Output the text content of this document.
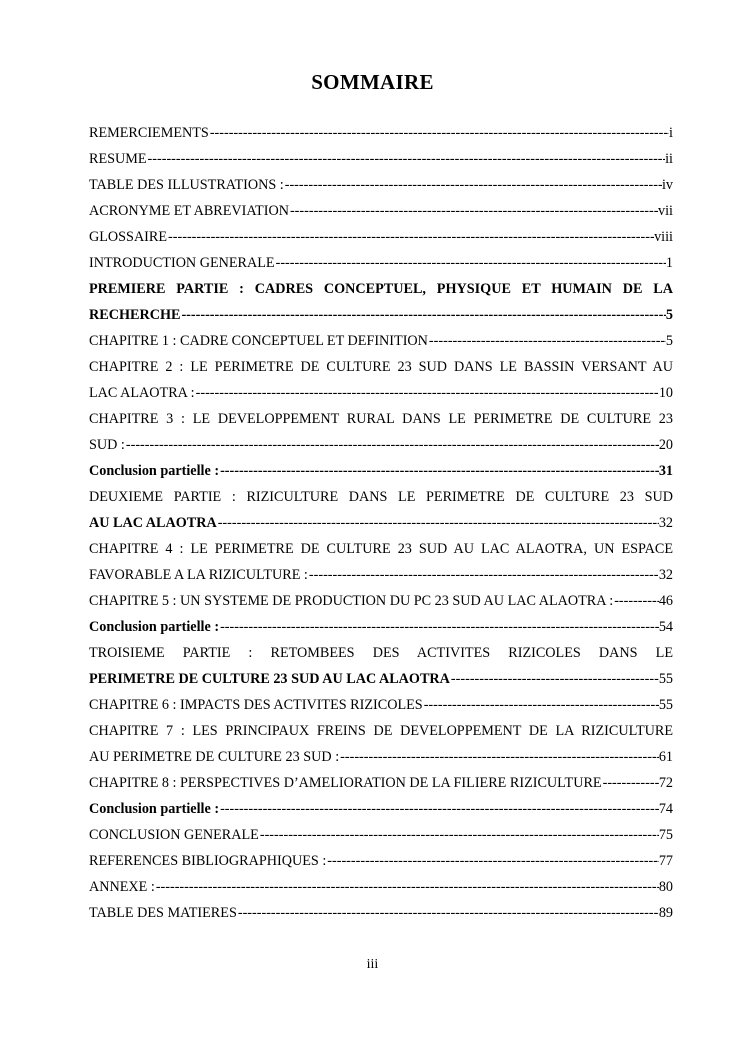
SOMMAIRE
REMERCIEMENTS -----	i
RESUME -----	ii
TABLE DES ILLUSTRATIONS : -----	iv
ACRONYME ET ABREVIATION -----	vii
GLOSSAIRE -----	viii
INTRODUCTION GENERALE -----	1
PREMIERE PARTIE : CADRES CONCEPTUEL, PHYSIQUE ET HUMAIN DE LA
RECHERCHE -----	5
CHAPITRE 1 : CADRE CONCEPTUEL ET DEFINITION -----	5
CHAPITRE 2 : LE PERIMETRE DE CULTURE 23 SUD DANS LE BASSIN VERSANT AU
LAC ALAOTRA : -----	10
CHAPITRE 3 : LE DEVELOPPEMENT RURAL DANS LE PERIMETRE DE CULTURE 23
SUD : -----	20
Conclusion partielle : -----	31
DEUXIEME PARTIE : RIZICULTURE DANS LE PERIMETRE DE CULTURE 23 SUD
AU LAC ALAOTRA -----	32
CHAPITRE 4 : LE PERIMETRE DE CULTURE 23 SUD AU LAC ALAOTRA, UN ESPACE
FAVORABLE A LA RIZICULTURE : -----	32
CHAPITRE 5 : UN SYSTEME DE PRODUCTION DU PC 23 SUD AU LAC ALAOTRA : -----	46
Conclusion partielle : -----	54
TROISIEME PARTIE : RETOMBEES DES ACTIVITES RIZICOLES DANS LE
PERIMETRE DE CULTURE 23 SUD AU LAC ALAOTRA -----	55
CHAPITRE 6 : IMPACTS DES ACTIVITES RIZICOLES -----	55
CHAPITRE 7 : LES PRINCIPAUX FREINS DE DEVELOPPEMENT DE LA RIZICULTURE
AU PERIMETRE DE CULTURE 23 SUD : -----	61
CHAPITRE 8 : PERSPECTIVES D’AMELIORATION DE LA FILIERE RIZICULTURE -----	72
Conclusion partielle : -----	74
CONCLUSION GENERALE -----	75
REFERENCES BIBLIOGRAPHIQUES : -----	77
ANNEXE : -----	80
TABLE DES MATIERES -----	89
iii
